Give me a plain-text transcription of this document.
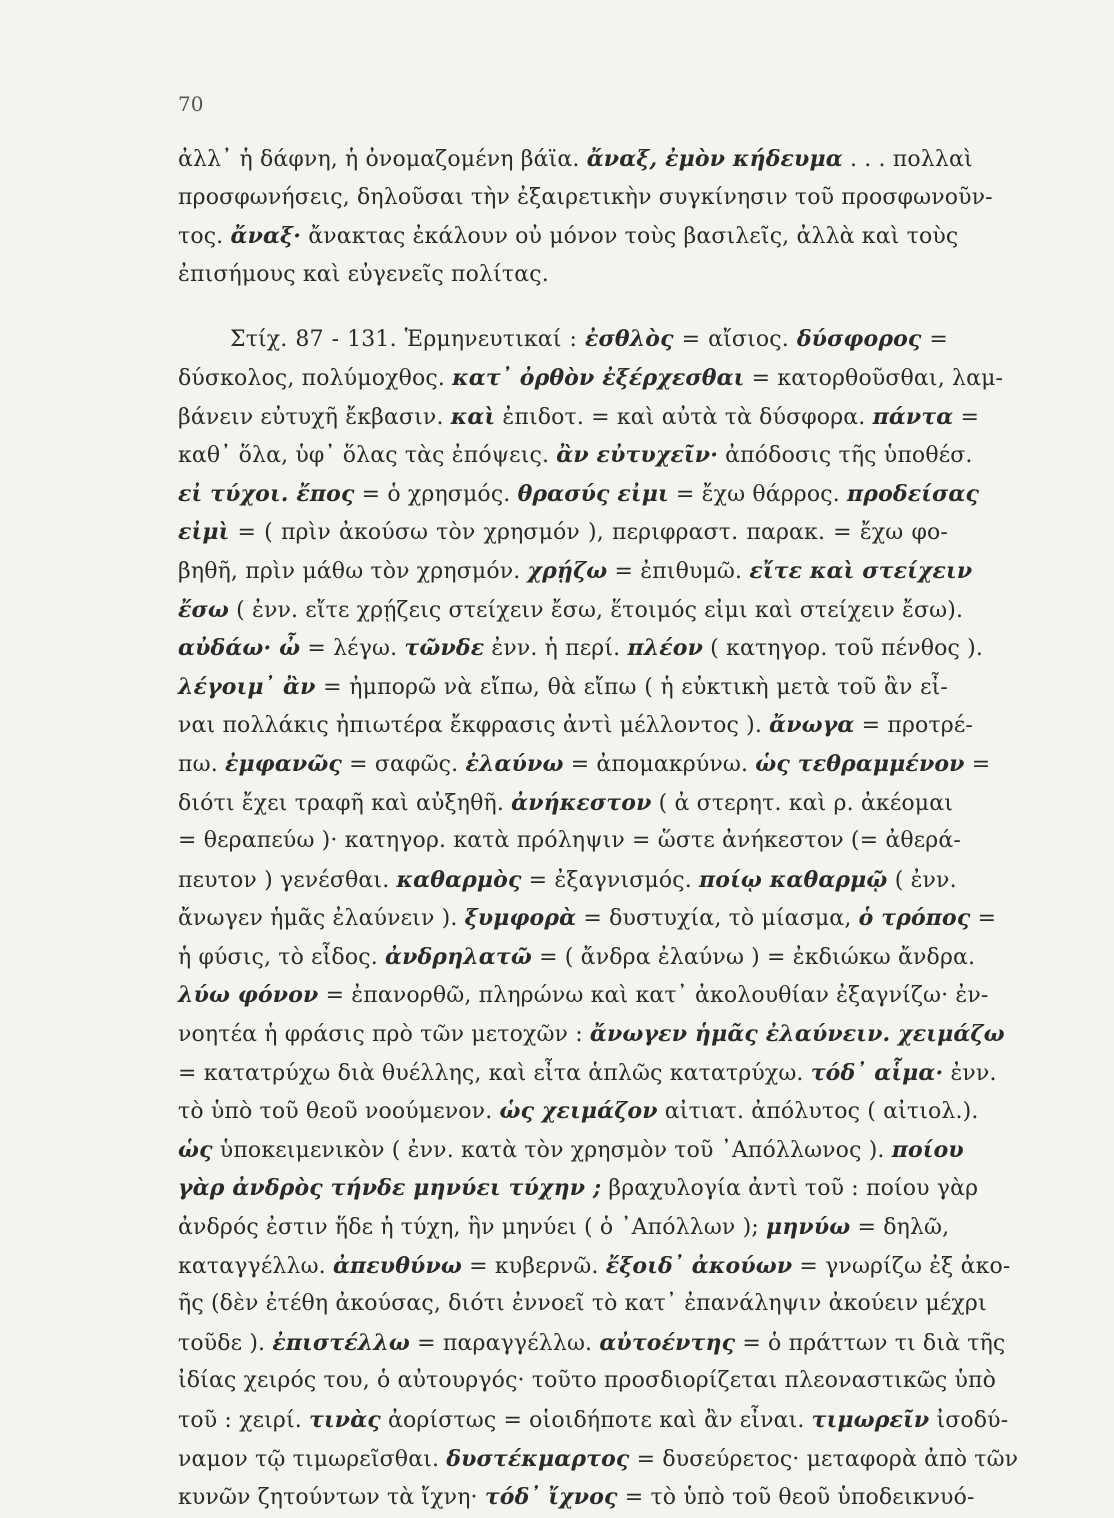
70
ἀλλ᾿ ἡ δάφνη, ἡ ὀνομαζομένη βάϊα. ἄναξ, ἐμὸν κήδευμα . . . πολλαὶ
προσφωνήσεις, δηλοῦσαι τὴν ἐξαιρετικὴν συγκίνησιν τοῦ προσφωνοῦν-
τος. ἄναξ· ἄνακτας ἐκάλουν οὐ μόνον τοὺς βασιλεῖς, ἀλλὰ καὶ τοὺς
ἐπισήμους καὶ εὐγενεῖς πολίτας.
Στίχ. 87 - 131. Ἑρμηνευτικαί : ἐσθλὸς = αἴσιος. δύσφορος =
δύσκολος, πολύμοχθος. κατ᾿ ὀρθὸν ἐξέρχεσθαι = κατορθοῦσθαι, λαμ-
βάνειν εὐτυχῆ ἔκβασιν. καὶ ἐπιδοτ. = καὶ αὐτὰ τὰ δύσφορα. πάντα =
καθ᾿ ὅλα, ὑφ᾿ ὅλας τὰς ἐπόψεις. ἂν εὐτυχεῖν· ἀπόδοσις τῆς ὑποθέσ.
εἰ τύχοι. ἔπος = ὁ χρησμός. θρασύς εἰμι = ἔχω θάρρος. προδείσας
εἰμὶ = ( πρὶν ἀκούσω τὸν χρησμόν ), περιφραστ. παρακ. = ἔχω φο-
βηθῆ, πρὶν μάθω τὸν χρησμόν. χρῄζω = ἐπιθυμῶ. εἴτε καὶ στείχειν
ἔσω ( ἐνν. εἴτε χρῄζεις στείχειν ἔσω, ἕτοιμός εἰμι καὶ στείχειν ἔσω).
αὐδάω· ὦ = λέγω. τῶνδε ἐνν. ἡ περί. πλέον ( κατηγορ. τοῦ πένθος ).
λέγοιμ᾿ ἂν = ἠμπορῶ νὰ εἴπω, θὰ εἴπω ( ἡ εὐκτικὴ μετὰ τοῦ ἂν εἶ-
ναι πολλάκις ἠπιωτέρα ἔκφρασις ἀντὶ μέλλοντος ). ἄνωγα = προτρέ-
πω. ἐμφανῶς = σαφῶς. ἐλαύνω = ἀπομακρύνω. ὡς τεθραμμένον =
διότι ἔχει τραφῆ καὶ αὐξηθῆ. ἀνήκεστον ( ἀ στερητ. καὶ ρ. ἀκέομαι
= θεραπεύω )· κατηγορ. κατὰ πρόληψιν = ὥστε ἀνήκεστον (= ἀθερά-
πευτον ) γενέσθαι. καθαρμὸς = ἐξαγνισμός. ποίῳ καθαρμῷ ( ἐνν.
ἄνωγεν ἡμᾶς ἐλαύνειν ). ξυμφορὰ = δυστυχία, τὸ μίασμα, ὁ τρόπος =
ἡ φύσις, τὸ εἶδος. ἀνδρηλατῶ = ( ἄνδρα ἐλαύνω ) = ἐκδιώκω ἄνδρα.
λύω φόνον = ἐπανορθῶ, πληρώνω καὶ κατ᾿ ἀκολουθίαν ἐξαγνίζω· ἐν-
νοητέα ἡ φράσις πρὸ τῶν μετοχῶν : ἄνωγεν ἡμᾶς ἐλαύνειν. χειμάζω
= κατατρύχω διὰ θυέλλης, καὶ εἶτα ἁπλῶς κατατρύχω. τόδ᾿ αἷμα· ἐνν.
τὸ ὑπὸ τοῦ θεοῦ νοούμενον. ὡς χειμάζον αἰτιατ. ἀπόλυτος ( αἰτιολ.).
ὡς ὑποκειμενικὸν ( ἐνν. κατὰ τὸν χρησμὸν τοῦ ᾿Απόλλωνος ). ποίου
γὰρ ἀνδρὸς τήνδε μηνύει τύχην ; βραχυλογία ἀντὶ τοῦ : ποίου γὰρ
ἀνδρός ἐστιν ἥδε ἡ τύχη, ἣν μηνύει ( ὁ ᾿Απόλλων ); μηνύω = δηλῶ,
καταγγέλλω. ἀπευθύνω = κυβερνῶ. ἔξοιδ᾿ ἀκούων = γνωρίζω ἐξ ἀκο-
ῆς (δὲν ἐτέθη ἀκούσας, διότι ἐννοεῖ τὸ κατ᾿ ἐπανάληψιν ἀκούειν μέχρι
τοῦδε ). ἐπιστέλλω = παραγγέλλω. αὐτοέντης = ὁ πράττων τι διὰ τῆς
ἰδίας χειρός του, ὁ αὐτουργός· τοῦτο προσδιορίζεται πλεοναστικῶς ὑπὸ
τοῦ : χειρί. τινὰς ἀορίστως = οἱοιδήποτε καὶ ἂν εἶναι. τιμωρεῖν ἰσοδύ-
ναμον τῷ τιμωρεῖσθαι. δυστέκμαρτος = δυσεύρετος· μεταφορὰ ἀπὸ τῶν
κυνῶν ζητούντων τὰ ἴχνη· τόδ᾿ ἴχνος = τὸ ὑπὸ τοῦ θεοῦ ὑποδεικνυό-
